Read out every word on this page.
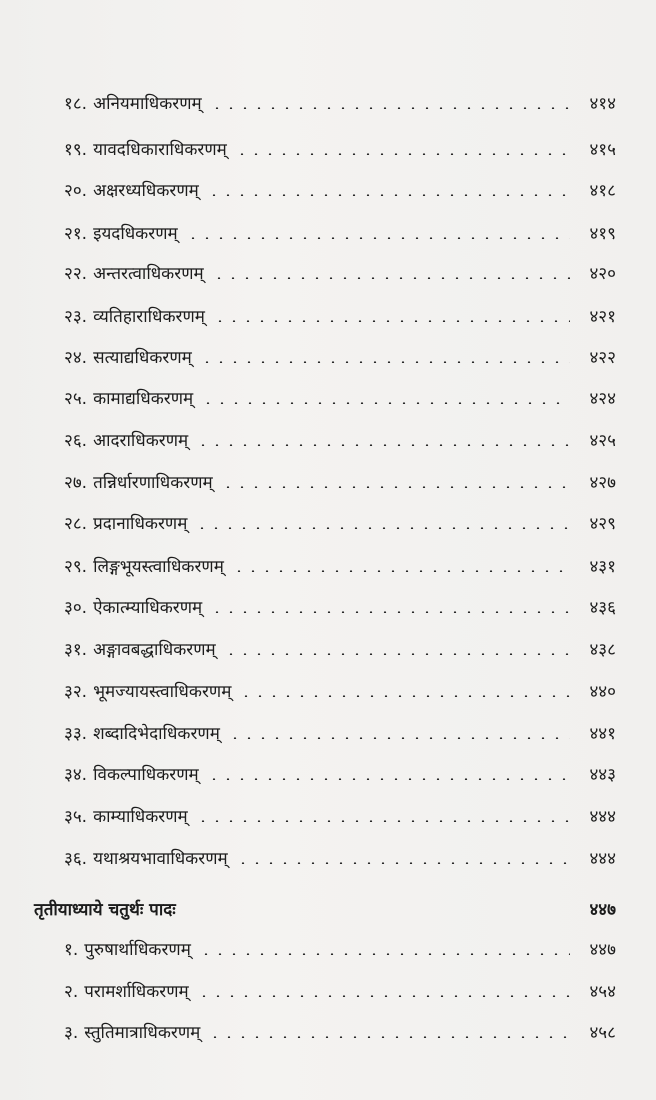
१८. अनियमाधिकरणम्	४१४
१९. यावदधिकाराधिकरणम्	४१५
२०. अक्षरध्यधिकरणम्	४१८
२१. इयदधिकरणम्	४१९
२२. अन्तरत्वाधिकरणम्	४२०
२३. व्यतिहाराधिकरणम्	४२१
२४. सत्याद्यधिकरणम्	४२२
२५. कामाद्यधिकरणम्	४२४
२६. आदराधिकरणम्	४२५
२७. तन्निर्धारणाधिकरणम्	४२७
२८. प्रदानाधिकरणम्	४२९
२९. लिङ्गभूयस्त्वाधिकरणम्	४३१
३०. ऐकात्म्याधिकरणम्	४३६
३१. अङ्गावबद्धाधिकरणम्	४३८
३२. भूमज्यायस्त्वाधिकरणम्	४४०
३३. शब्दादिभेदाधिकरणम्	४४१
३४. विकल्पाधिकरणम्	४४३
३५. काम्याधिकरणम्	४४४
३६. यथाश्रयभावाधिकरणम्	४४४
तृतीयाध्याये चतुर्थः पादः	४४७
१. पुरुषार्थाधिकरणम्	४४७
२. परामर्शाधिकरणम्	४५४
३. स्तुतिमात्राधिकरणम्	४५८
